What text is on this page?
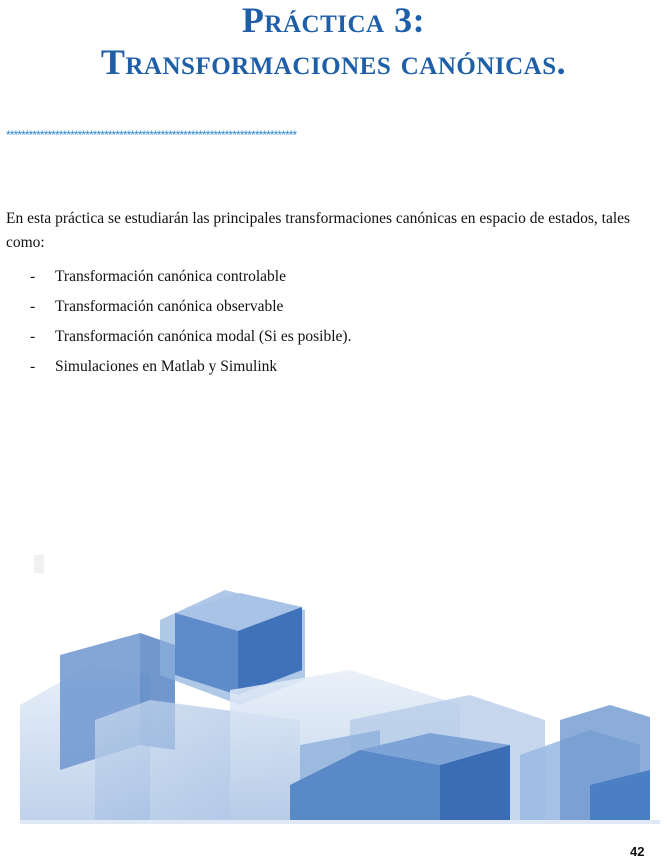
Práctica 3:
Transformaciones canónicas.
*****************************************************************************
En esta práctica se estudiarán las principales transformaciones canónicas en espacio de estados, tales como:
- Transformación canónica controlable
- Transformación canónica observable
- Transformación canónica modal (Si es posible).
- Simulaciones en Matlab y Simulink
42
